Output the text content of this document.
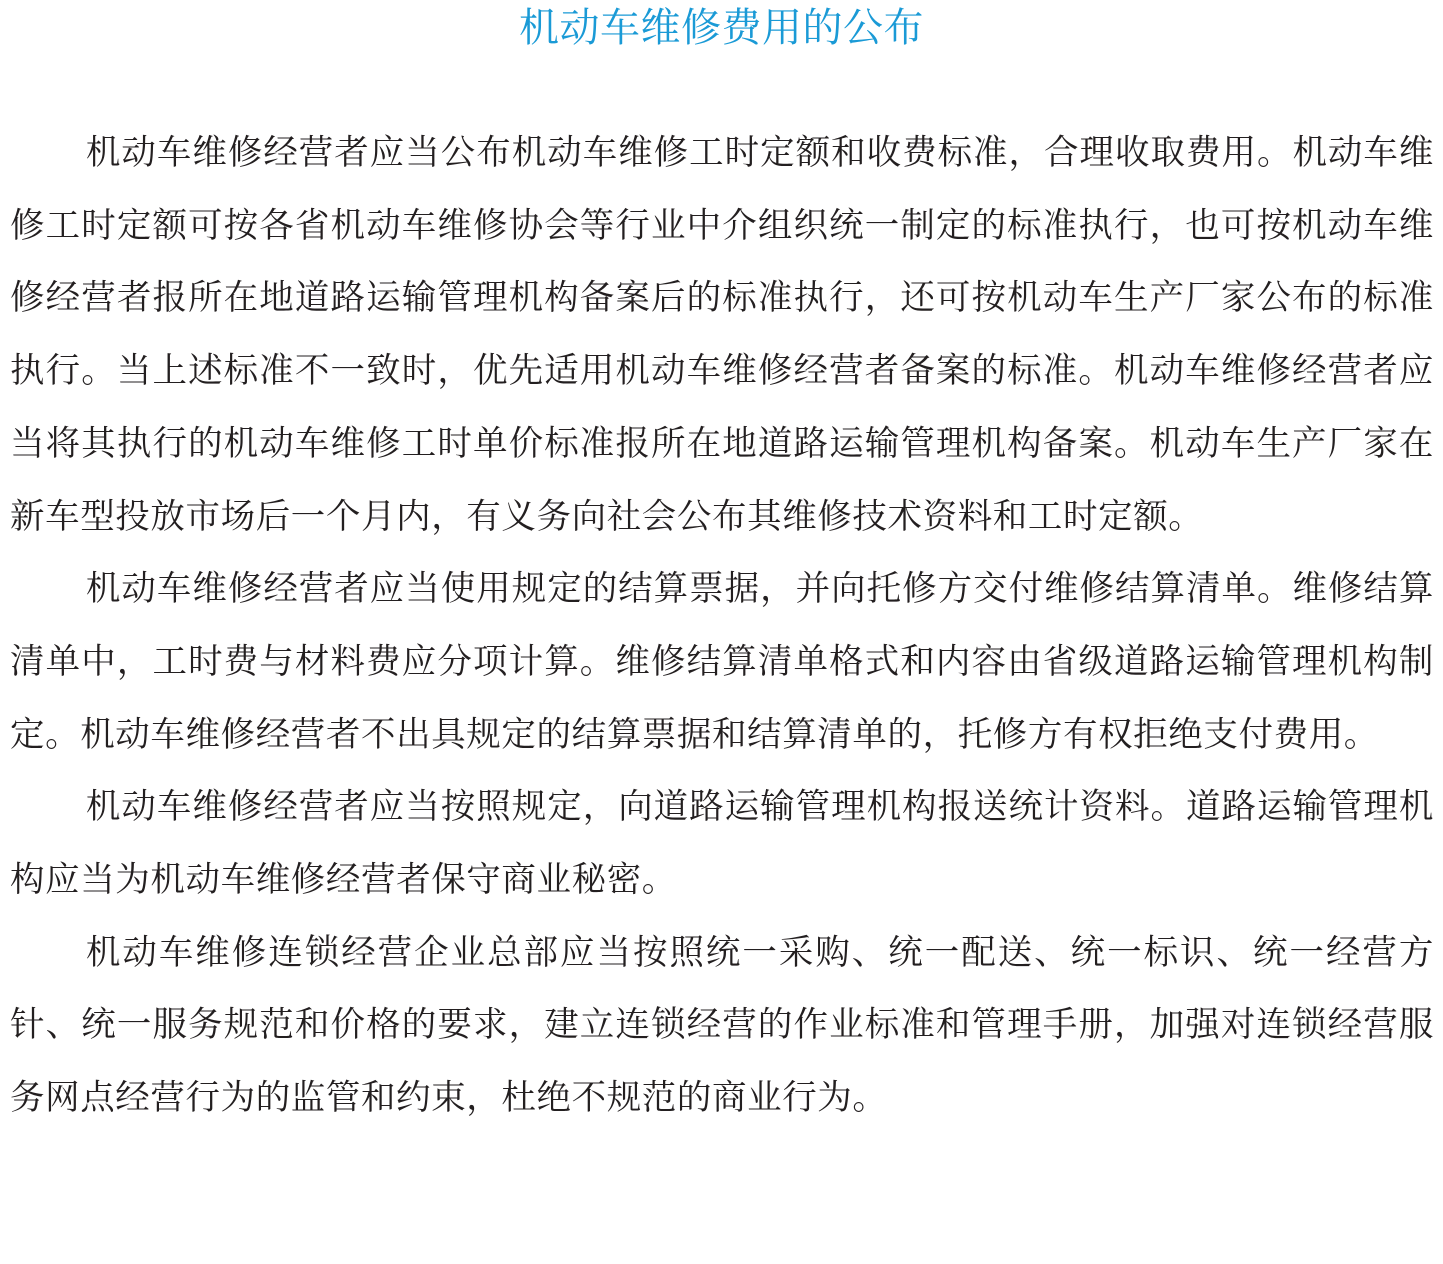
机动车维修费用的公布

机动车维修经营者应当公布机动车维修工时定额和收费标准，合理收取费用。机动车维修工时定额可按各省机动车维修协会等行业中介组织统一制定的标准执行，也可按机动车维修经营者报所在地道路运输管理机构备案后的标准执行，还可按机动车生产厂家公布的标准执行。当上述标准不一致时，优先适用机动车维修经营者备案的标准。机动车维修经营者应当将其执行的机动车维修工时单价标准报所在地道路运输管理机构备案。机动车生产厂家在新车型投放市场后一个月内，有义务向社会公布其维修技术资料和工时定额。

机动车维修经营者应当使用规定的结算票据，并向托修方交付维修结算清单。维修结算清单中，工时费与材料费应分项计算。维修结算清单格式和内容由省级道路运输管理机构制定。机动车维修经营者不出具规定的结算票据和结算清单的，托修方有权拒绝支付费用。

机动车维修经营者应当按照规定，向道路运输管理机构报送统计资料。道路运输管理机构应当为机动车维修经营者保守商业秘密。

机动车维修连锁经营企业总部应当按照统一采购、统一配送、统一标识、统一经营方针、统一服务规范和价格的要求，建立连锁经营的作业标准和管理手册，加强对连锁经营服务网点经营行为的监管和约束，杜绝不规范的商业行为。
